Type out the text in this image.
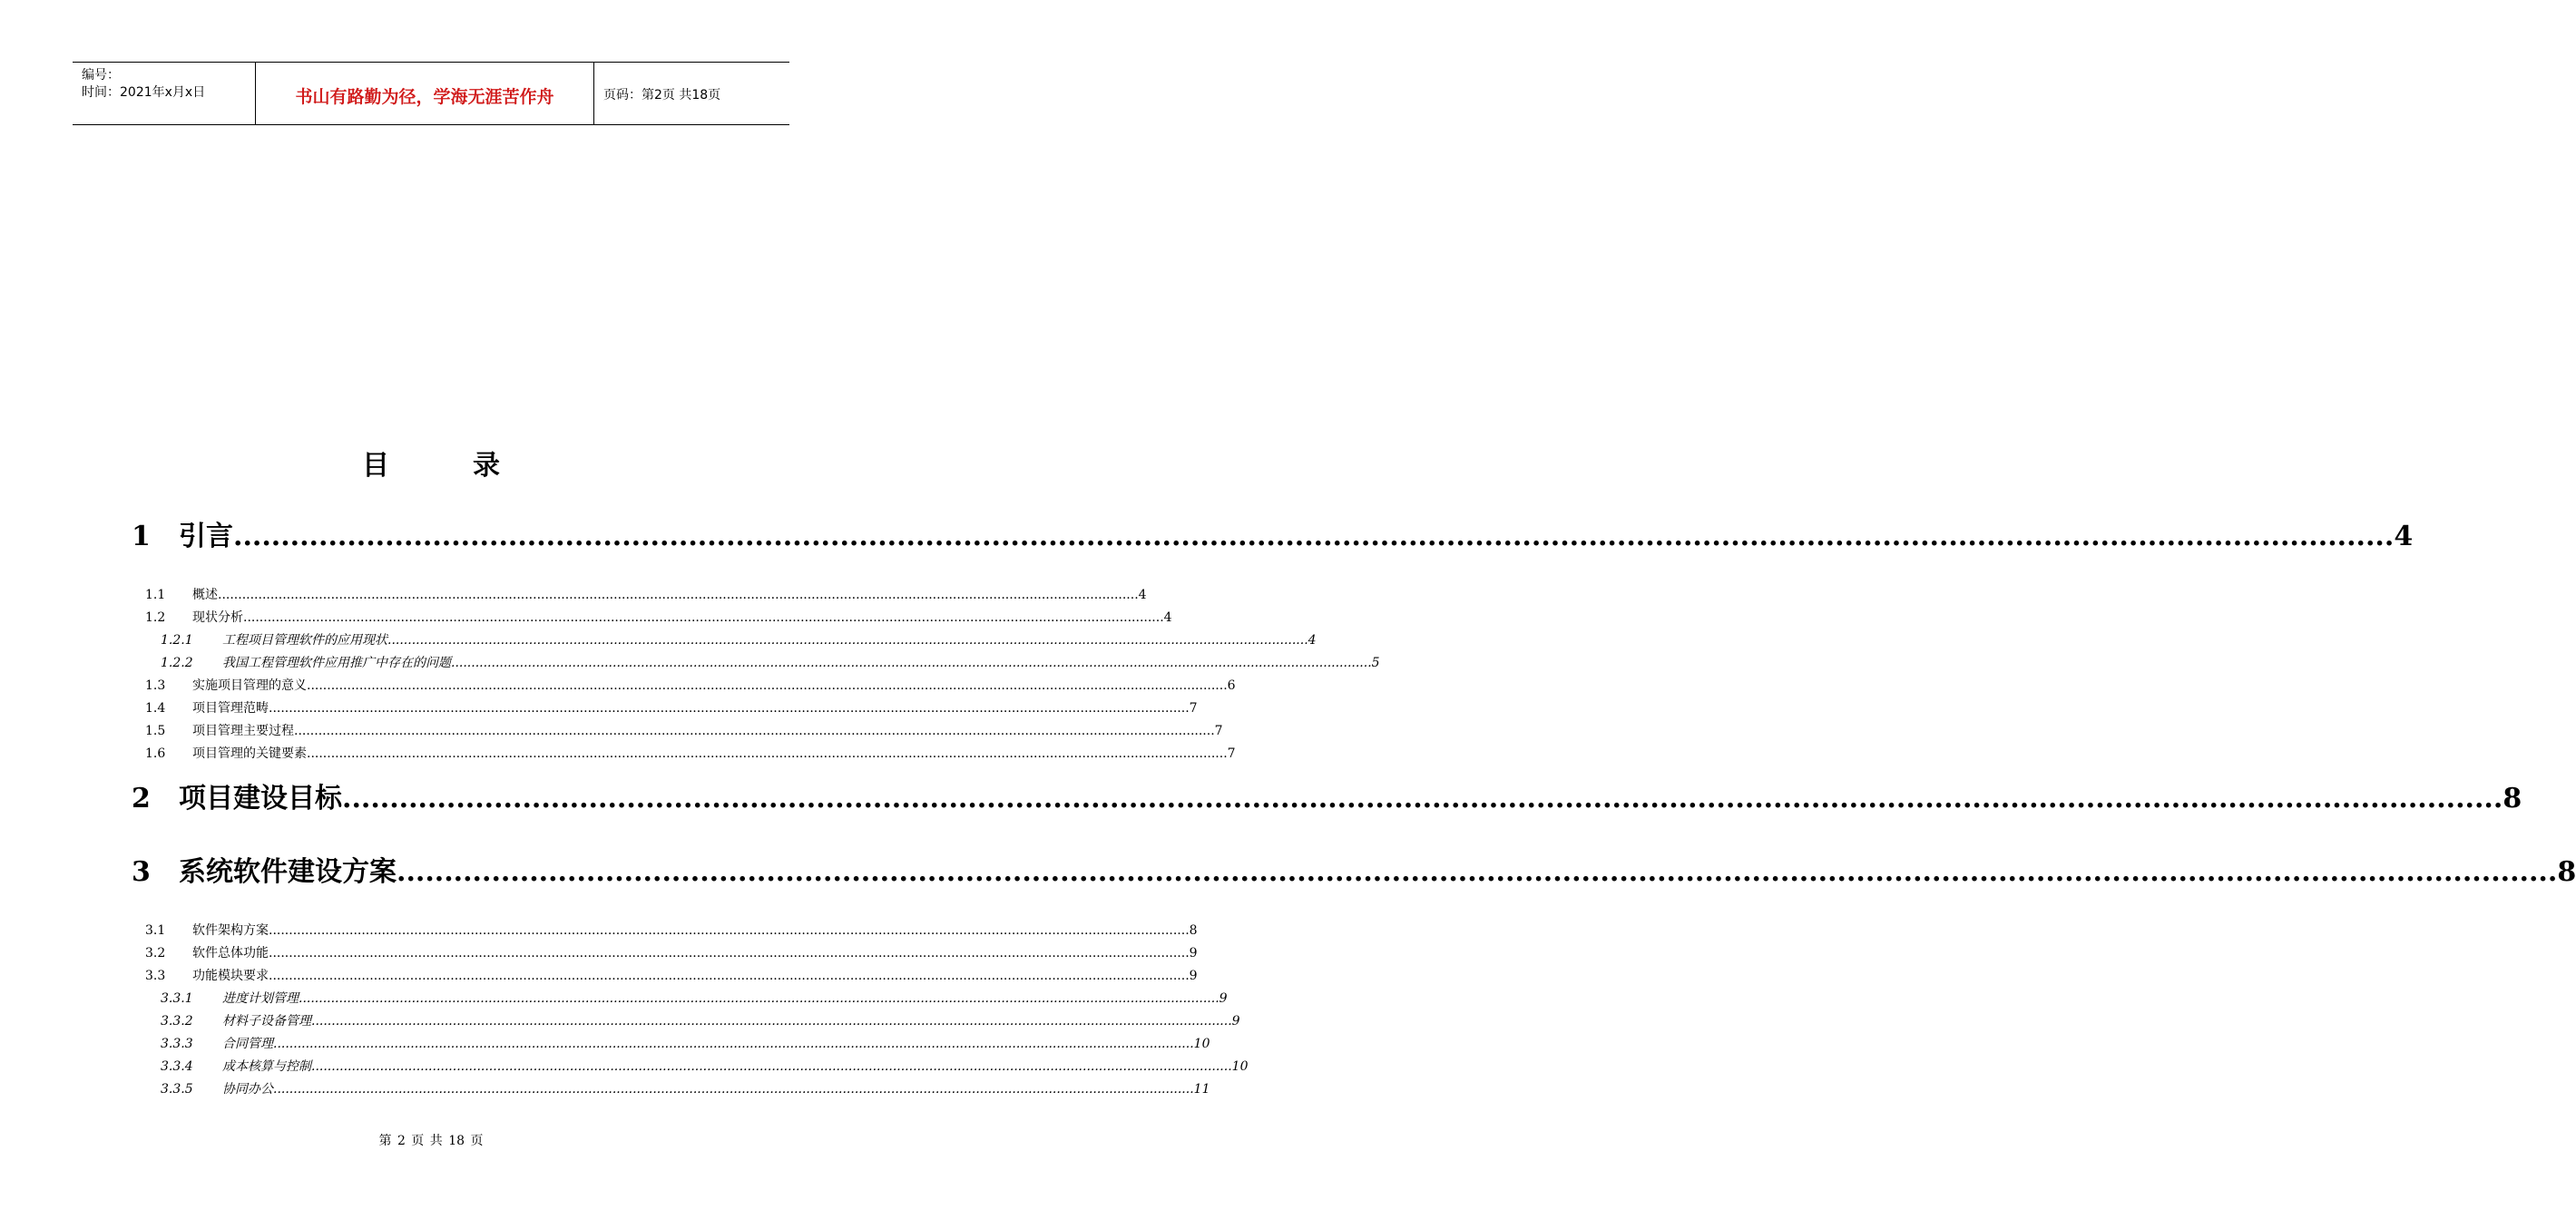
编号：
时间：2021年x月x日	书山有路勤为径，学海无涯苦作舟	页码：第2页 共18页
目	录
1	引言 .................................................................................................................................................................................................................................... 4
1.1	概述 .................................................................................................................................................................................................................................... 4
1.2	现状分析 .................................................................................................................................................................................................................................... 4
1.2.1	工程项目管理软件的应用现状 .................................................................................................................................................................................................................................... 4
1.2.2	我国工程管理软件应用推广中存在的问题 .................................................................................................................................................................................................................................... 5
1.3	实施项目管理的意义 .................................................................................................................................................................................................................................... 6
1.4	项目管理范畴 .................................................................................................................................................................................................................................... 7
1.5	项目管理主要过程 .................................................................................................................................................................................................................................... 7
1.6	项目管理的关键要素 .................................................................................................................................................................................................................................... 7
2	项目建设目标 .................................................................................................................................................................................................................................... 8
3	系统软件建设方案 .................................................................................................................................................................................................................................... 8
3.1	软件架构方案 .................................................................................................................................................................................................................................... 8
3.2	软件总体功能 .................................................................................................................................................................................................................................... 9
3.3	功能模块要求 .................................................................................................................................................................................................................................... 9
3.3.1	进度计划管理 .................................................................................................................................................................................................................................... 9
3.3.2	材料子设备管理 .................................................................................................................................................................................................................................... 9
3.3.3	合同管理 .................................................................................................................................................................................................................................... 10
3.3.4	成本核算与控制 .................................................................................................................................................................................................................................... 10
3.3.5	协同办公 .................................................................................................................................................................................................................................... 11
第 2 页 共 18 页
